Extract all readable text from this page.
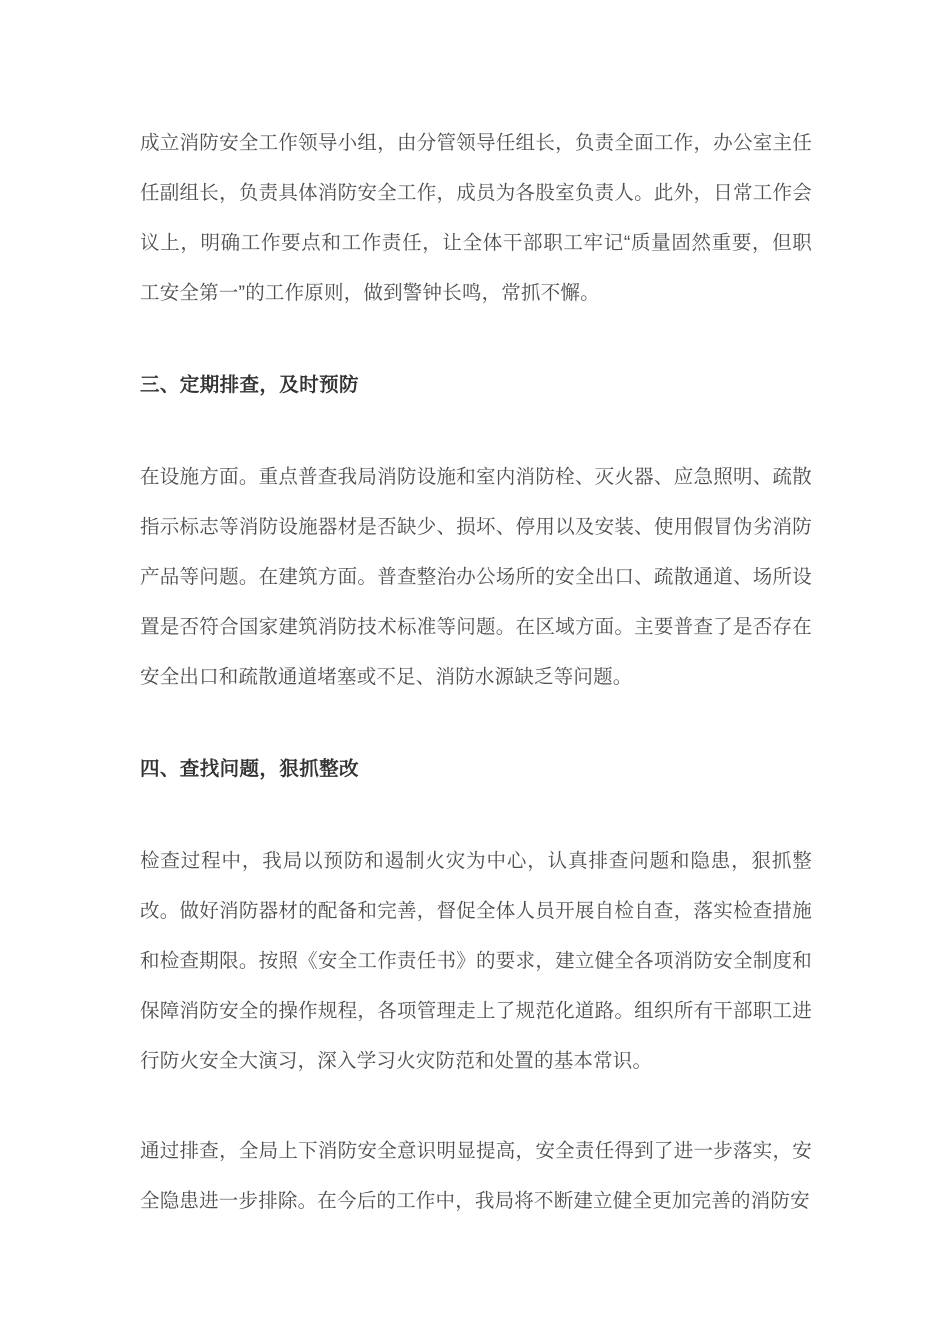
成立消防安全工作领导小组，由分管领导任组长，负责全面工作，办公室主任任副组长，负责具体消防安全工作，成员为各股室负责人。此外，日常工作会议上，明确工作要点和工作责任，让全体干部职工牢记“质量固然重要，但职工安全第一”的工作原则，做到警钟长鸣，常抓不懈。

三、定期排查，及时预防

在设施方面。重点普查我局消防设施和室内消防栓、灭火器、应急照明、疏散指示标志等消防设施器材是否缺少、损坏、停用以及安装、使用假冒伪劣消防产品等问题。在建筑方面。普查整治办公场所的安全出口、疏散通道、场所设置是否符合国家建筑消防技术标准等问题。在区域方面。主要普查了是否存在安全出口和疏散通道堵塞或不足、消防水源缺乏等问题。

四、查找问题，狠抓整改

检查过程中，我局以预防和遏制火灾为中心，认真排查问题和隐患，狠抓整改。做好消防器材的配备和完善，督促全体人员开展自检自查，落实检查措施和检查期限。按照《安全工作责任书》的要求，建立健全各项消防安全制度和保障消防安全的操作规程，各项管理走上了规范化道路。组织所有干部职工进行防火安全大演习，深入学习火灾防范和处置的基本常识。

通过排查，全局上下消防安全意识明显提高，安全责任得到了进一步落实，安全隐患进一步排除。在今后的工作中，我局将不断建立健全更加完善的消防安
